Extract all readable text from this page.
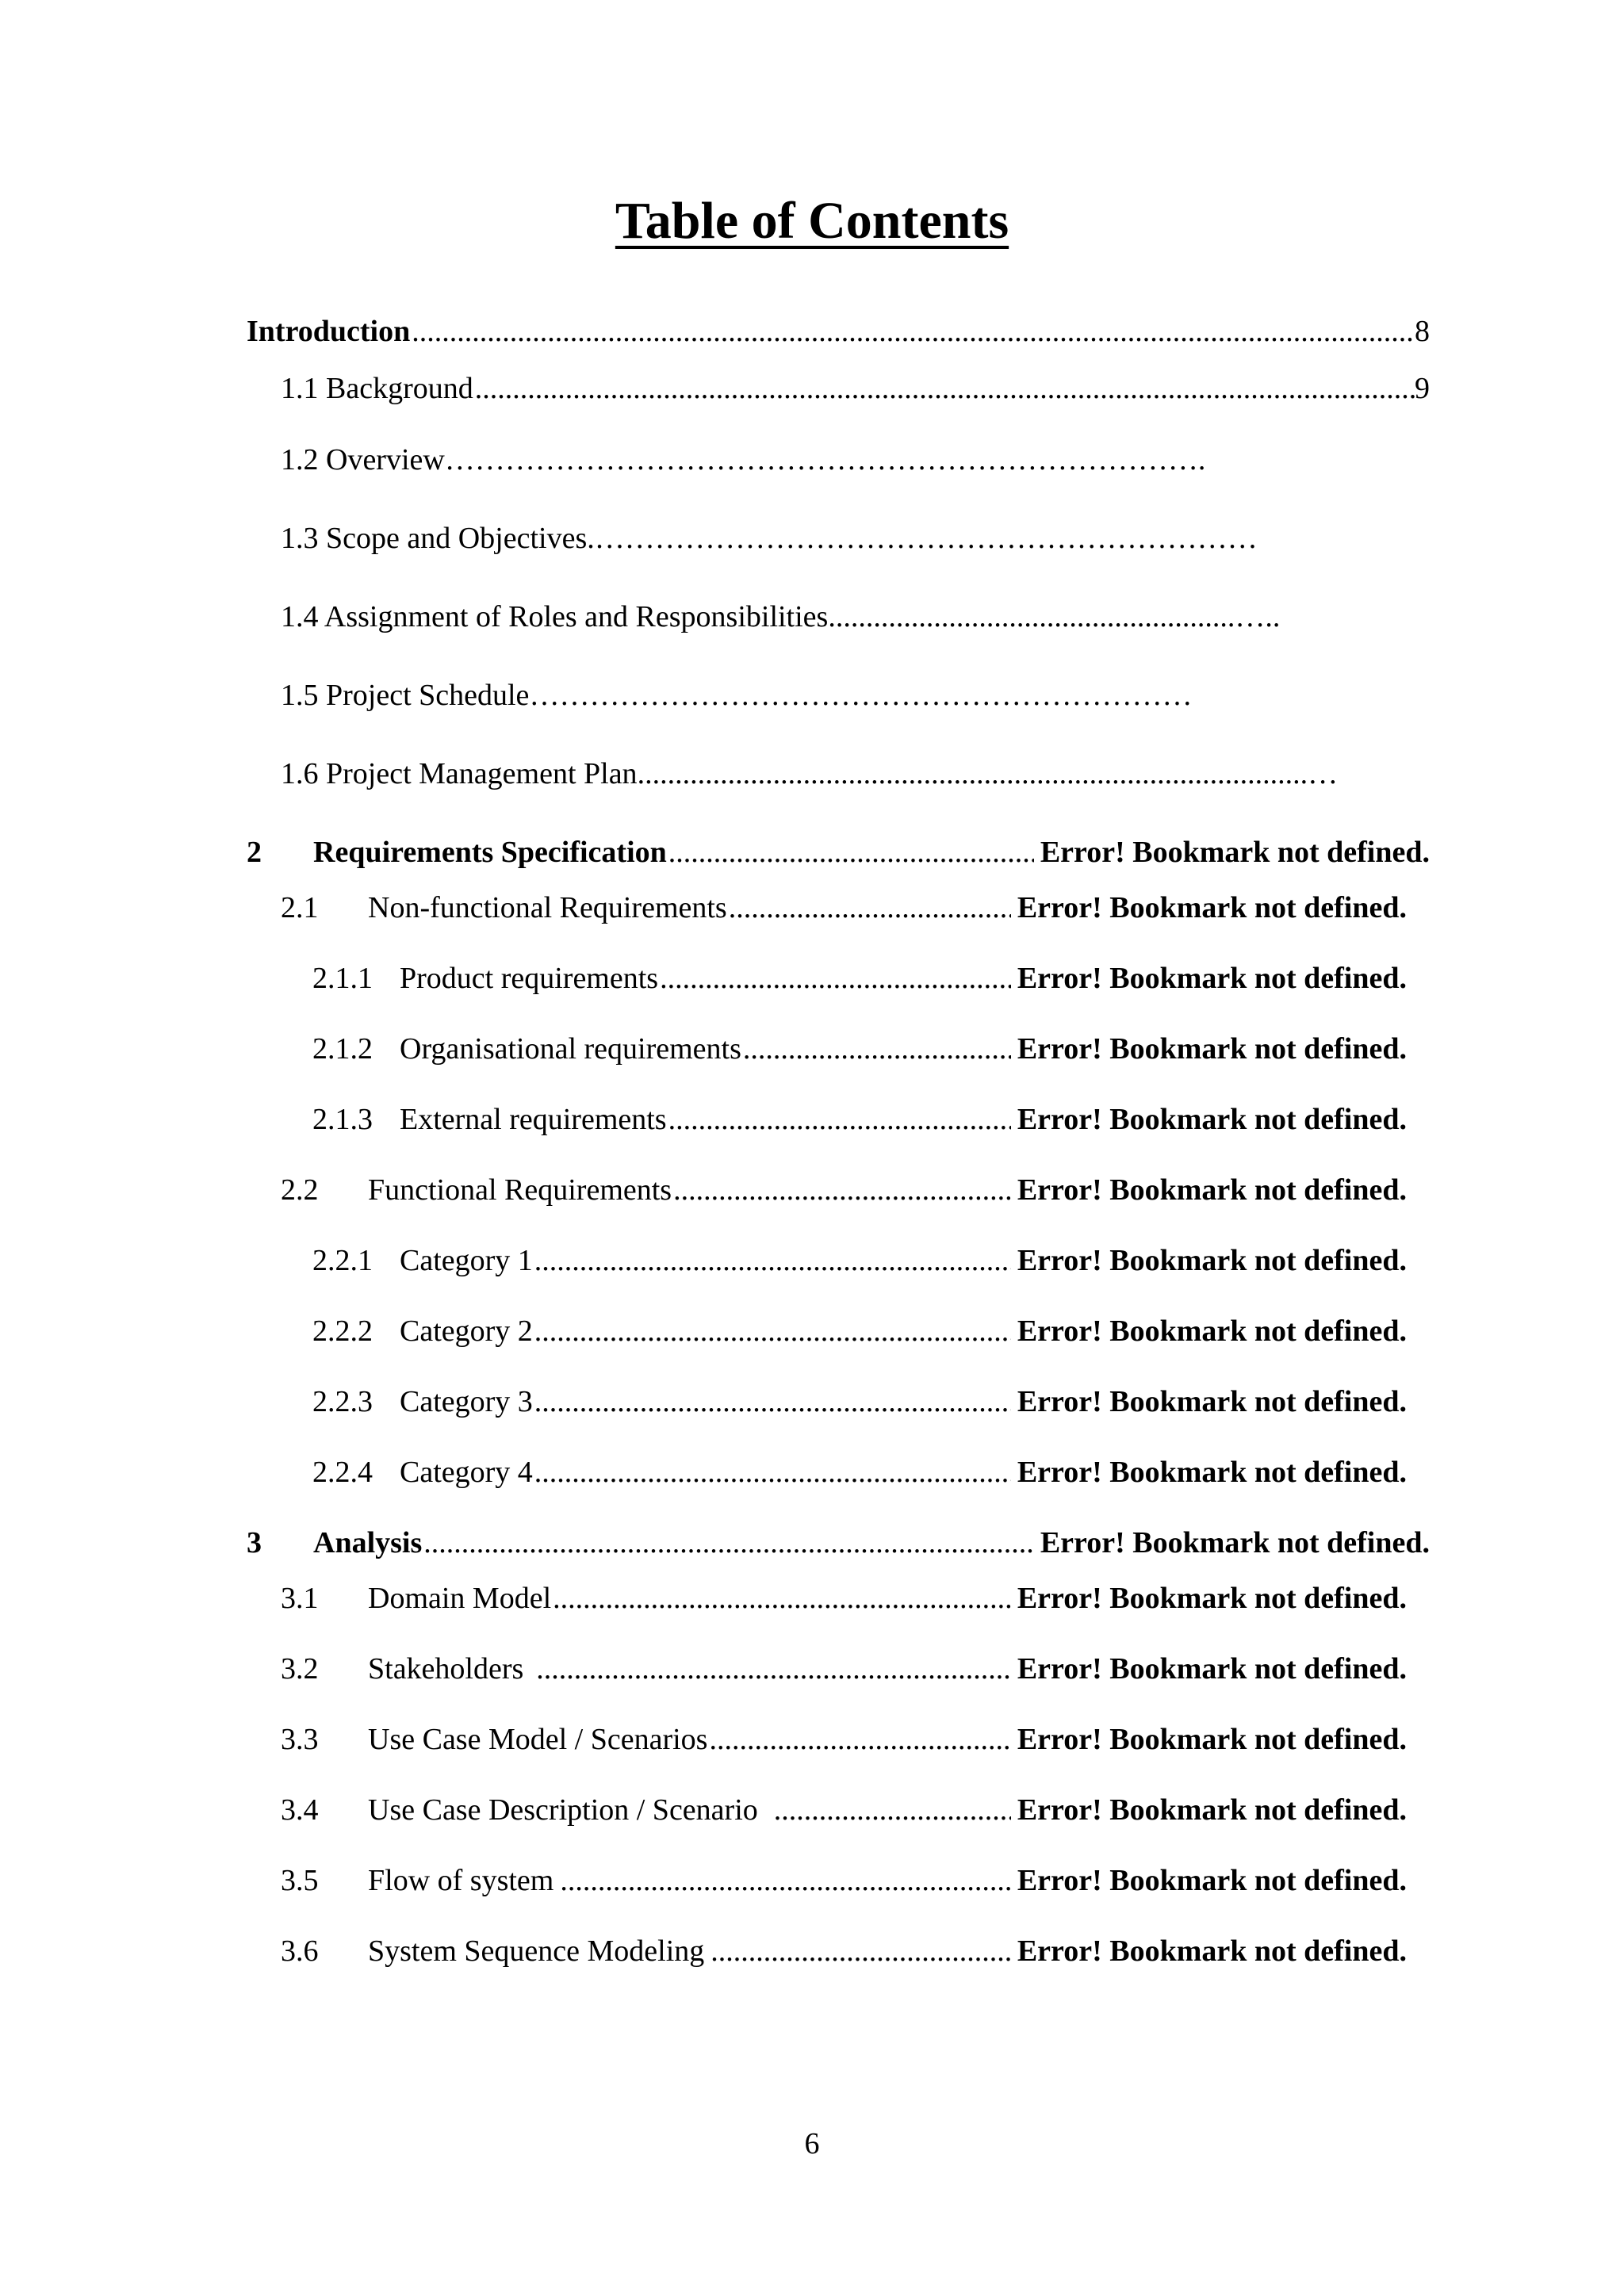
Table of Contents
Introduction .....	8
1.1 Background .....	9
1.2 Overview ………………………………………………………………….
1.3 Scope and Objectives. …………………………………………………………
1.4 Assignment of Roles and Responsibilities ......................................................…..
1.5 Project Schedule …………………………………………………………
1.6 Project Management Plan .........................................................................................…
2	Requirements Specification .....	Error! Bookmark not defined.
2.1	Non-functional Requirements .....	Error! Bookmark not defined.
2.1.1 Product requirements .....	Error! Bookmark not defined.
2.1.2 Organisational requirements .....	Error! Bookmark not defined.
2.1.3 External requirements .....	Error! Bookmark not defined.
2.2	Functional Requirements .....	Error! Bookmark not defined.
2.2.1 Category 1 .....	Error! Bookmark not defined.
2.2.2 Category 2 .....	Error! Bookmark not defined.
2.2.3 Category 3 .....	Error! Bookmark not defined.
2.2.4 Category 4 .....	Error! Bookmark not defined.
3	Analysis .....	Error! Bookmark not defined.
3.1	Domain Model .....	Error! Bookmark not defined.
3.2	Stakeholders .....	Error! Bookmark not defined.
3.3	Use Case Model / Scenarios .....	Error! Bookmark not defined.
3.4	Use Case Description / Scenario .....	Error! Bookmark not defined.
3.5	Flow of system .....	Error! Bookmark not defined.
3.6	System Sequence Modeling .....	Error! Bookmark not defined.
6
